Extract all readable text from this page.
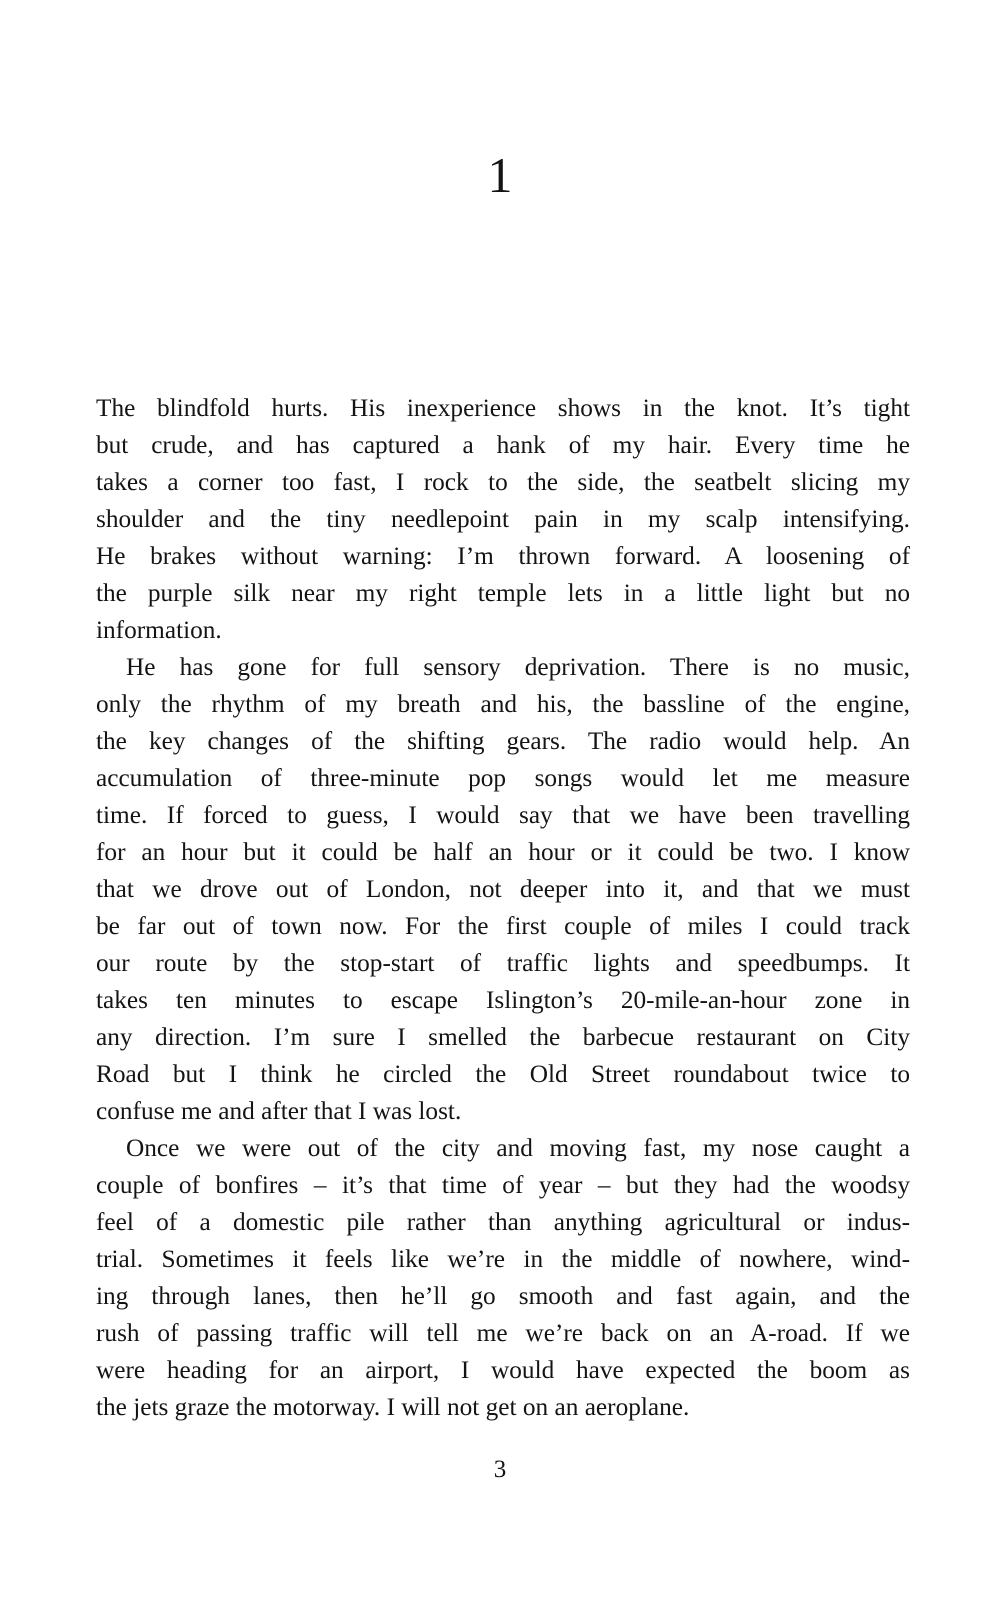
1

The blindfold hurts. His inexperience shows in the knot. It’s tight
but crude, and has captured a hank of my hair. Every time he
takes a corner too fast, I rock to the side, the seatbelt slicing my
shoulder and the tiny needlepoint pain in my scalp intensifying.
He brakes without warning: I’m thrown forward. A loosening of
the purple silk near my right temple lets in a little light but no
information.

He has gone for full sensory deprivation. There is no music,
only the rhythm of my breath and his, the bassline of the engine,
the key changes of the shifting gears. The radio would help. An
accumulation of three-minute pop songs would let me measure
time. If forced to guess, I would say that we have been travelling
for an hour but it could be half an hour or it could be two. I know
that we drove out of London, not deeper into it, and that we must
be far out of town now. For the first couple of miles I could track
our route by the stop-start of traffic lights and speedbumps. It
takes ten minutes to escape Islington’s 20-mile-an-hour zone in
any direction. I’m sure I smelled the barbecue restaurant on City
Road but I think he circled the Old Street roundabout twice to
confuse me and after that I was lost.

Once we were out of the city and moving fast, my nose caught a
couple of bonfires – it’s that time of year – but they had the woodsy
feel of a domestic pile rather than anything agricultural or indus-
trial. Sometimes it feels like we’re in the middle of nowhere, wind-
ing through lanes, then he’ll go smooth and fast again, and the
rush of passing traffic will tell me we’re back on an A-road. If we
were heading for an airport, I would have expected the boom as
the jets graze the motorway. I will not get on an aeroplane.

3
